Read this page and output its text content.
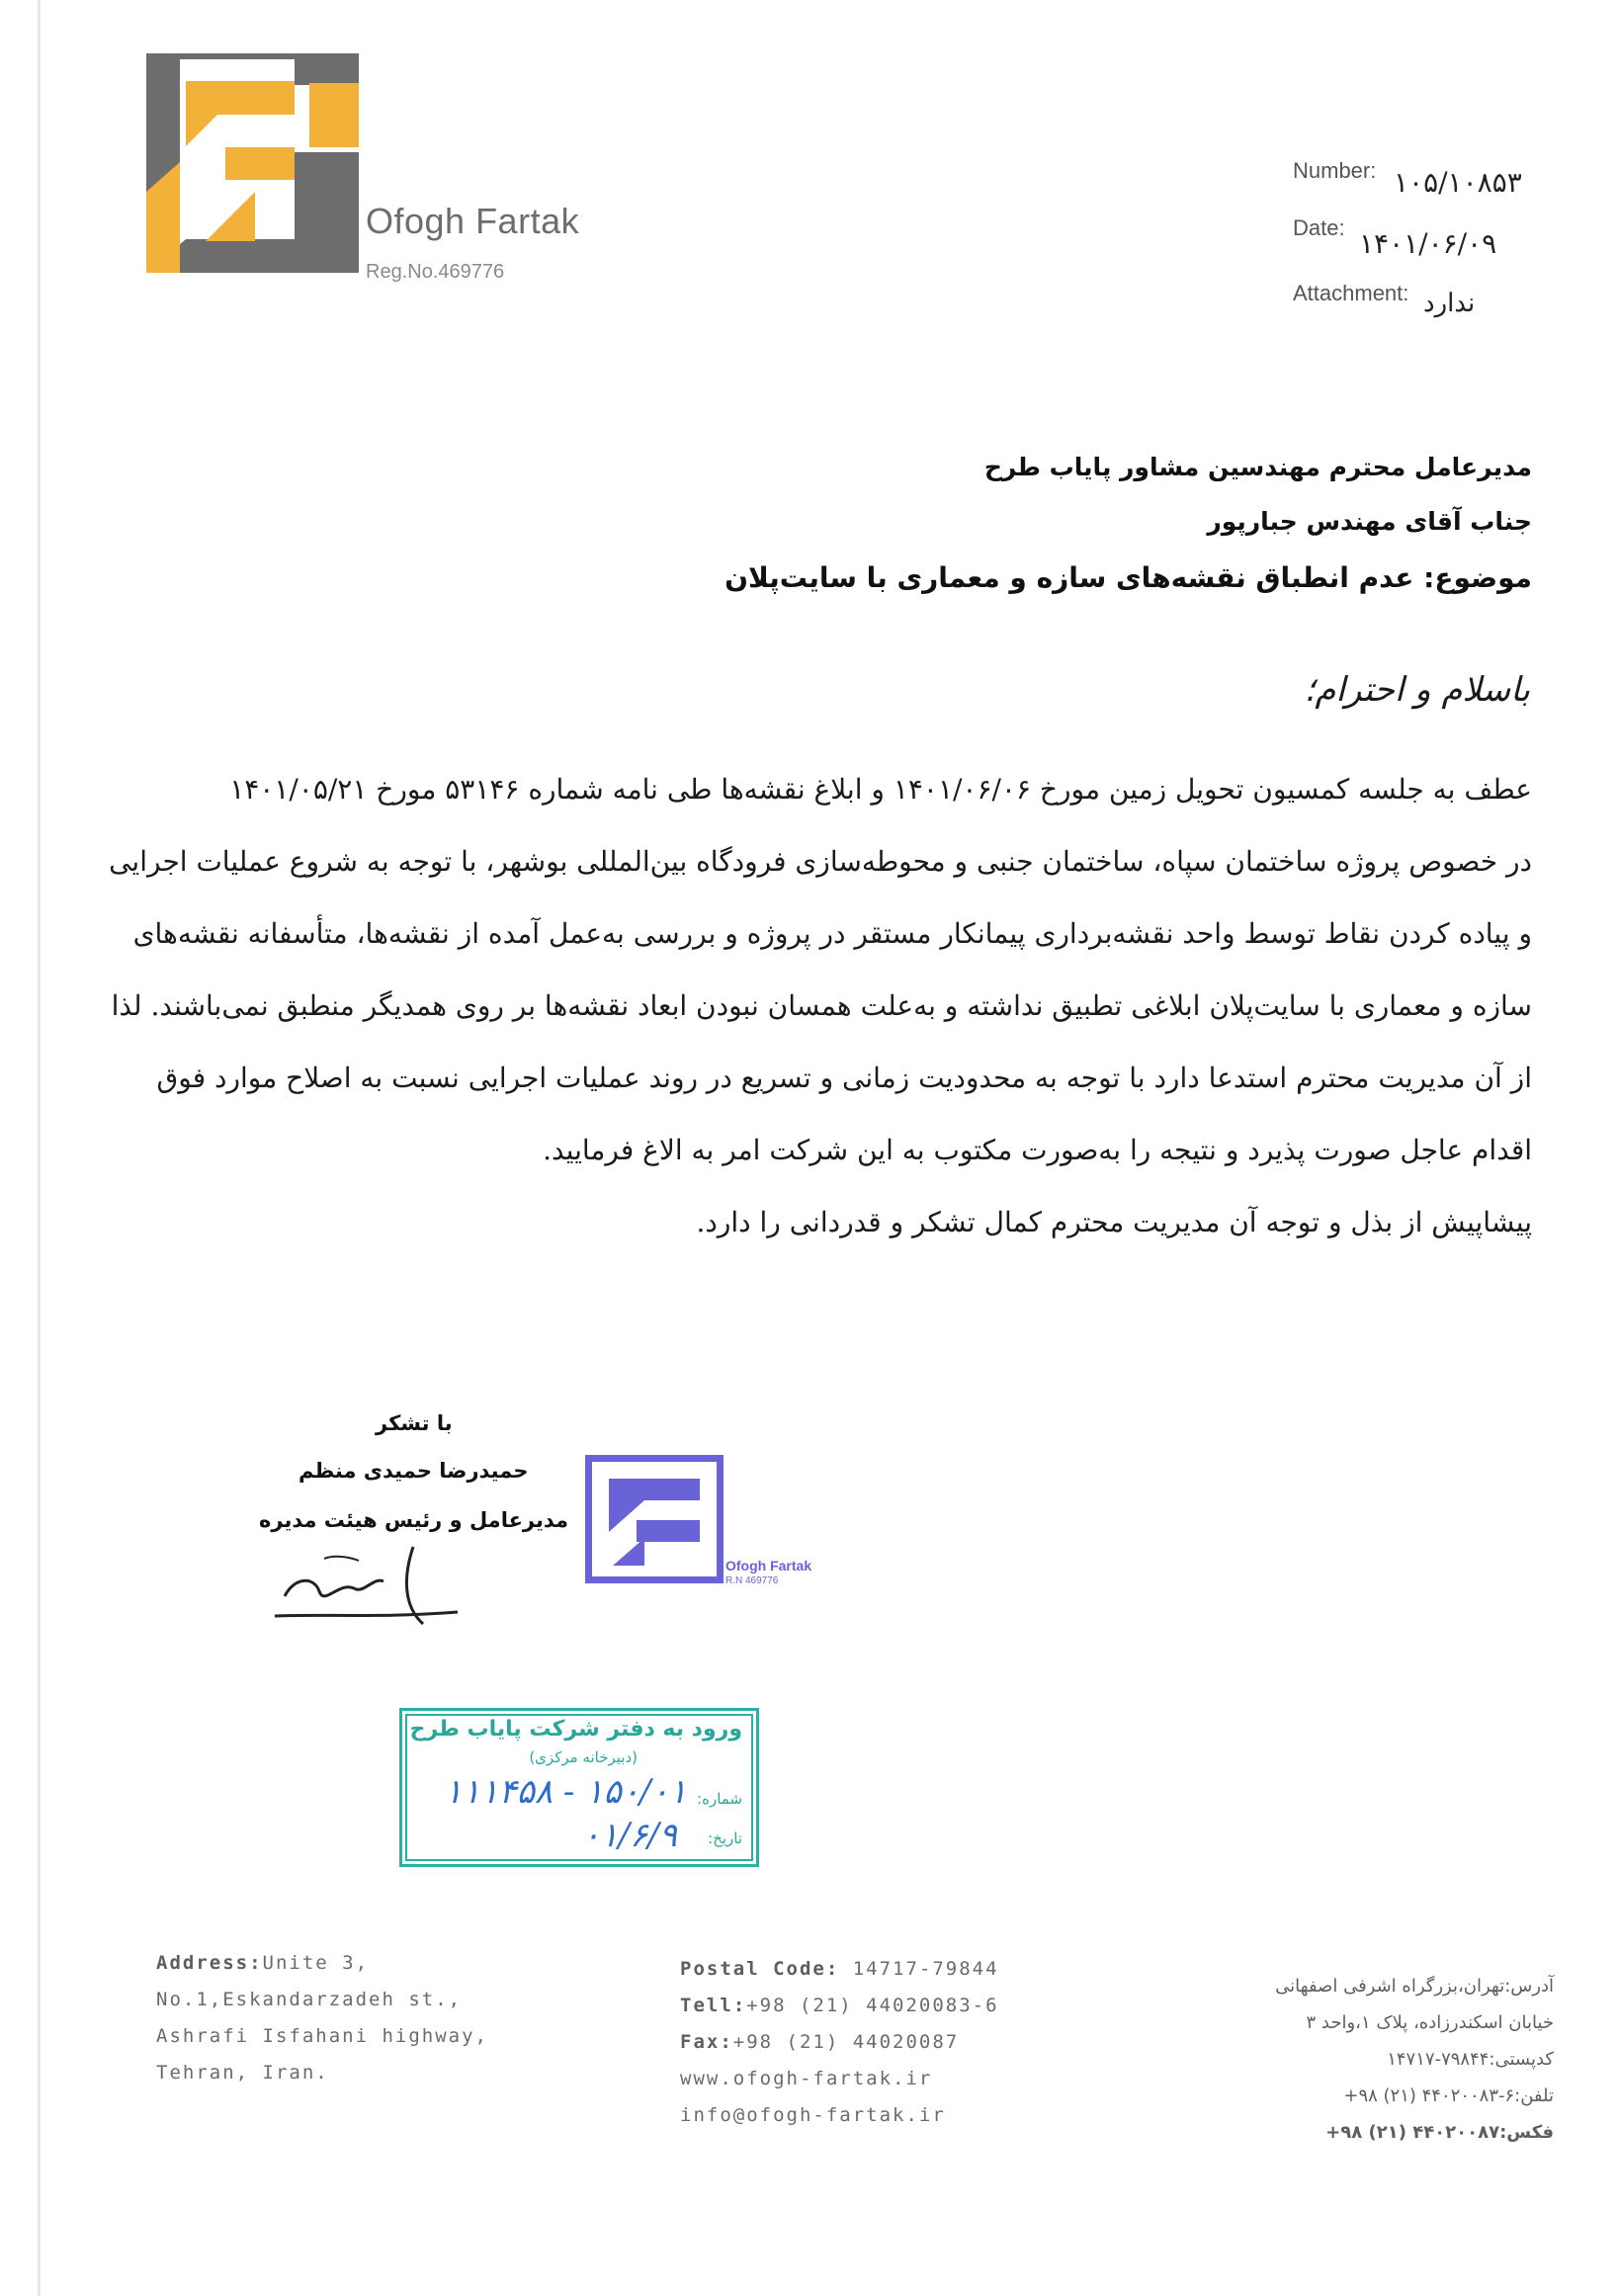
Ofogh Fartak
Reg.No.469776
Number: ۱۰۵/۱۰۸۵۳
Date: ۱۴۰۱/۰۶/۰۹
Attachment: ندارد
مدیرعامل محترم مهندسین مشاور پایاب طرح
جناب آقای مهندس جبارپور
موضوع: عدم انطباق نقشه‌های سازه و معماری با سایت‌پلان
باسلام و احترام؛

عطف به جلسه کمسیون تحویل زمین مورخ ۱۴۰۱/۰۶/۰۶ و ابلاغ نقشه‌ها طی نامه شماره ۵۳۱۴۶ مورخ ۱۴۰۱/۰۵/۲۱

در خصوص پروژه ساختمان سپاه، ساختمان جنبی و محوطه‌سازی فرودگاه بین‌المللی بوشهر، با توجه به شروع عملیات اجرایی

و پیاده کردن نقاط توسط واحد نقشه‌برداری پیمانکار مستقر در پروژه و بررسی به‌عمل آمده از نقشه‌ها، متأسفانه نقشه‌های

سازه و معماری با سایت‌پلان ابلاغی تطبیق نداشته و به‌علت همسان نبودن ابعاد نقشه‌ها بر روی همدیگر منطبق نمی‌باشند. لذا

از آن مدیریت محترم استدعا دارد با توجه به محدودیت زمانی و تسریع در روند عملیات اجرایی نسبت به اصلاح موارد فوق

اقدام عاجل صورت پذیرد و نتیجه را به‌صورت مکتوب به این شرکت امر به الاغ فرمایید.

پیشاپیش از بذل و توجه آن مدیریت محترم کمال تشکر و قدردانی را دارد.

با تشکر
حمیدرضا حمیدی منظم
مدیرعامل و رئیس هیئت مدیره
Ofogh Fartak
R.N 469776
ورود به دفتر شرکت پایاب طرح
(دبیرخانه مرکزی)
شماره:
۱۵۰/۰۱ - ۱۱۱۴۵۸
تاریخ:
۰۱/۶/۹
Address:Unite 3,
No.1,Eskandarzadeh st.,
Ashrafi Isfahani highway,
Tehran, Iran.
Postal Code: 14717-79844
Tell:+98 (21) 44020083-6
Fax:+98 (21) 44020087
www.ofogh-fartak.ir
info@ofogh-fartak.ir
آدرس:تهران،بزرگراه اشرفی اصفهانی
خیابان اسکندرزاده، پلاک ۱،واحد ۳
کدپستی:۷۹۸۴۴-۱۴۷۱۷
تلفن:۶-۴۴۰۲۰۰۸۳ (۲۱) ۹۸+
فکس:۴۴۰۲۰۰۸۷ (۲۱) ۹۸+
